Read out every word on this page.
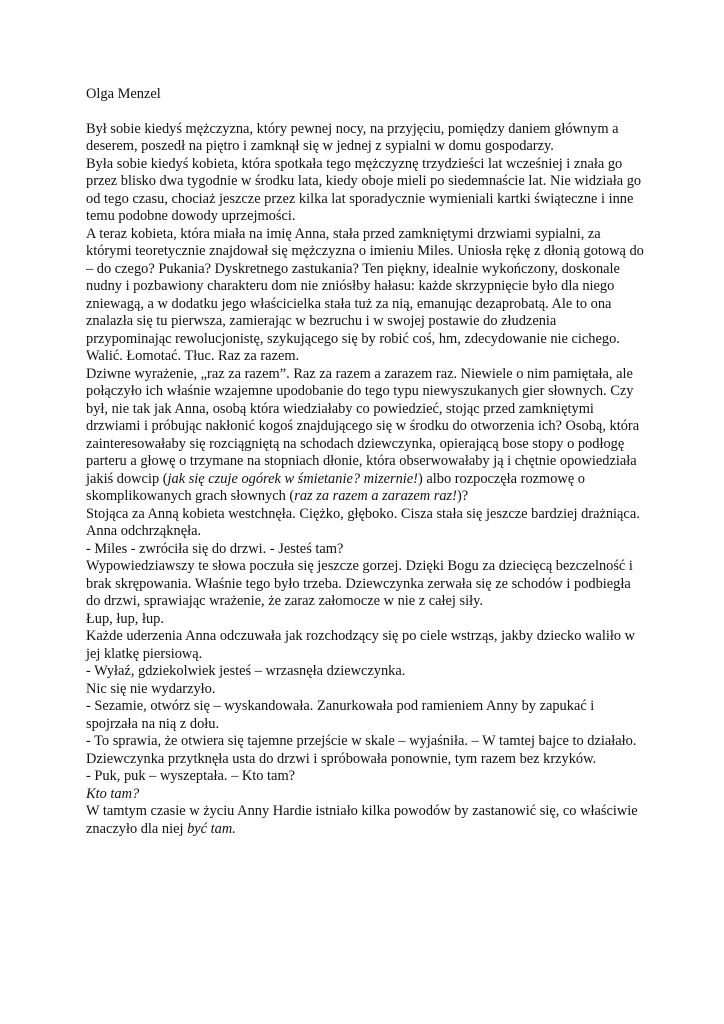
Olga Menzel

Był sobie kiedyś mężczyzna, który pewnej nocy, na przyjęciu, pomiędzy daniem głównym a deserem, poszedł na piętro i zamknął się w jednej z sypialni w domu gospodarzy.

Była sobie kiedyś kobieta, która spotkała tego mężczyznę trzydzieści lat wcześniej i znała go przez blisko dwa tygodnie w środku lata, kiedy oboje mieli po siedemnaście lat. Nie widziała go od tego czasu, chociaż jeszcze przez kilka lat sporadycznie wymieniali kartki świąteczne i inne temu podobne dowody uprzejmości.

A teraz kobieta, która miała na imię Anna, stała przed zamkniętymi drzwiami sypialni, za którymi teoretycznie znajdował się mężczyzna o imieniu Miles. Uniosła rękę z dłonią gotową do – do czego? Pukania? Dyskretnego zastukania? Ten piękny, idealnie wykończony, doskonale nudny i pozbawiony charakteru dom nie zniósłby hałasu: każde skrzypnięcie było dla niego zniewagą, a w dodatku jego właścicielka stała tuż za nią, emanując dezaprobatą. Ale to ona znalazła się tu pierwsza, zamierając w bezruchu i w swojej postawie do złudzenia przypominając rewolucjonistę, szykującego się by robić coś, hm, zdecydowanie nie cichego.

Walić. Łomotać. Tłuc. Raz za razem.

Dziwne wyrażenie, „raz za razem”. Raz za razem a zarazem raz. Niewiele o nim pamiętała, ale połączyło ich właśnie wzajemne upodobanie do tego typu niewyszukanych gier słownych. Czy był, nie tak jak Anna, osobą która wiedziałaby co powiedzieć, stojąc przed zamkniętymi drzwiami i próbując nakłonić kogoś znajdującego się w środku do otworzenia ich? Osobą, która zainteresowałaby się rozciągniętą na schodach dziewczynka, opierającą bose stopy o podłogę parteru a głowę o trzymane na stopniach dłonie, która obserwowałaby ją i chętnie opowiedziała jakiś dowcip (jak się czuje ogórek w śmietanie? mizernie!) albo rozpoczęła rozmowę o skomplikowanych grach słownych (raz za razem a zarazem raz!)?

Stojąca za Anną kobieta westchnęła. Ciężko, głęboko. Cisza stała się jeszcze bardziej drażniąca. Anna odchrząknęła.

- Miles - zwróciła się do drzwi. - Jesteś tam?

Wypowiedziawszy te słowa poczuła się jeszcze gorzej. Dzięki Bogu za dziecięcą bezczelność i brak skrępowania. Właśnie tego było trzeba. Dziewczynka zerwała się ze schodów i podbiegła do drzwi, sprawiając wrażenie, że zaraz załomocze w nie z całej siły.

Łup, łup, łup.

Każde uderzenia Anna odczuwała jak rozchodzący się po ciele wstrząs, jakby dziecko waliło w jej klatkę piersiową.

- Wyłaź, gdziekolwiek jesteś – wrzasnęła dziewczynka.

Nic się nie wydarzyło.

- Sezamie, otwórz się – wyskandowała. Zanurkowała pod ramieniem Anny by zapukać i spojrzała na nią z dołu.

- To sprawia, że otwiera się tajemne przejście w skale – wyjaśniła. – W tamtej bajce to działało.

Dziewczynka przytknęła usta do drzwi i spróbowała ponownie, tym razem bez krzyków.

- Puk, puk – wyszeptała. – Kto tam?

Kto tam?

W tamtym czasie w życiu Anny Hardie istniało kilka powodów by zastanowić się, co właściwie znaczyło dla niej być tam.
